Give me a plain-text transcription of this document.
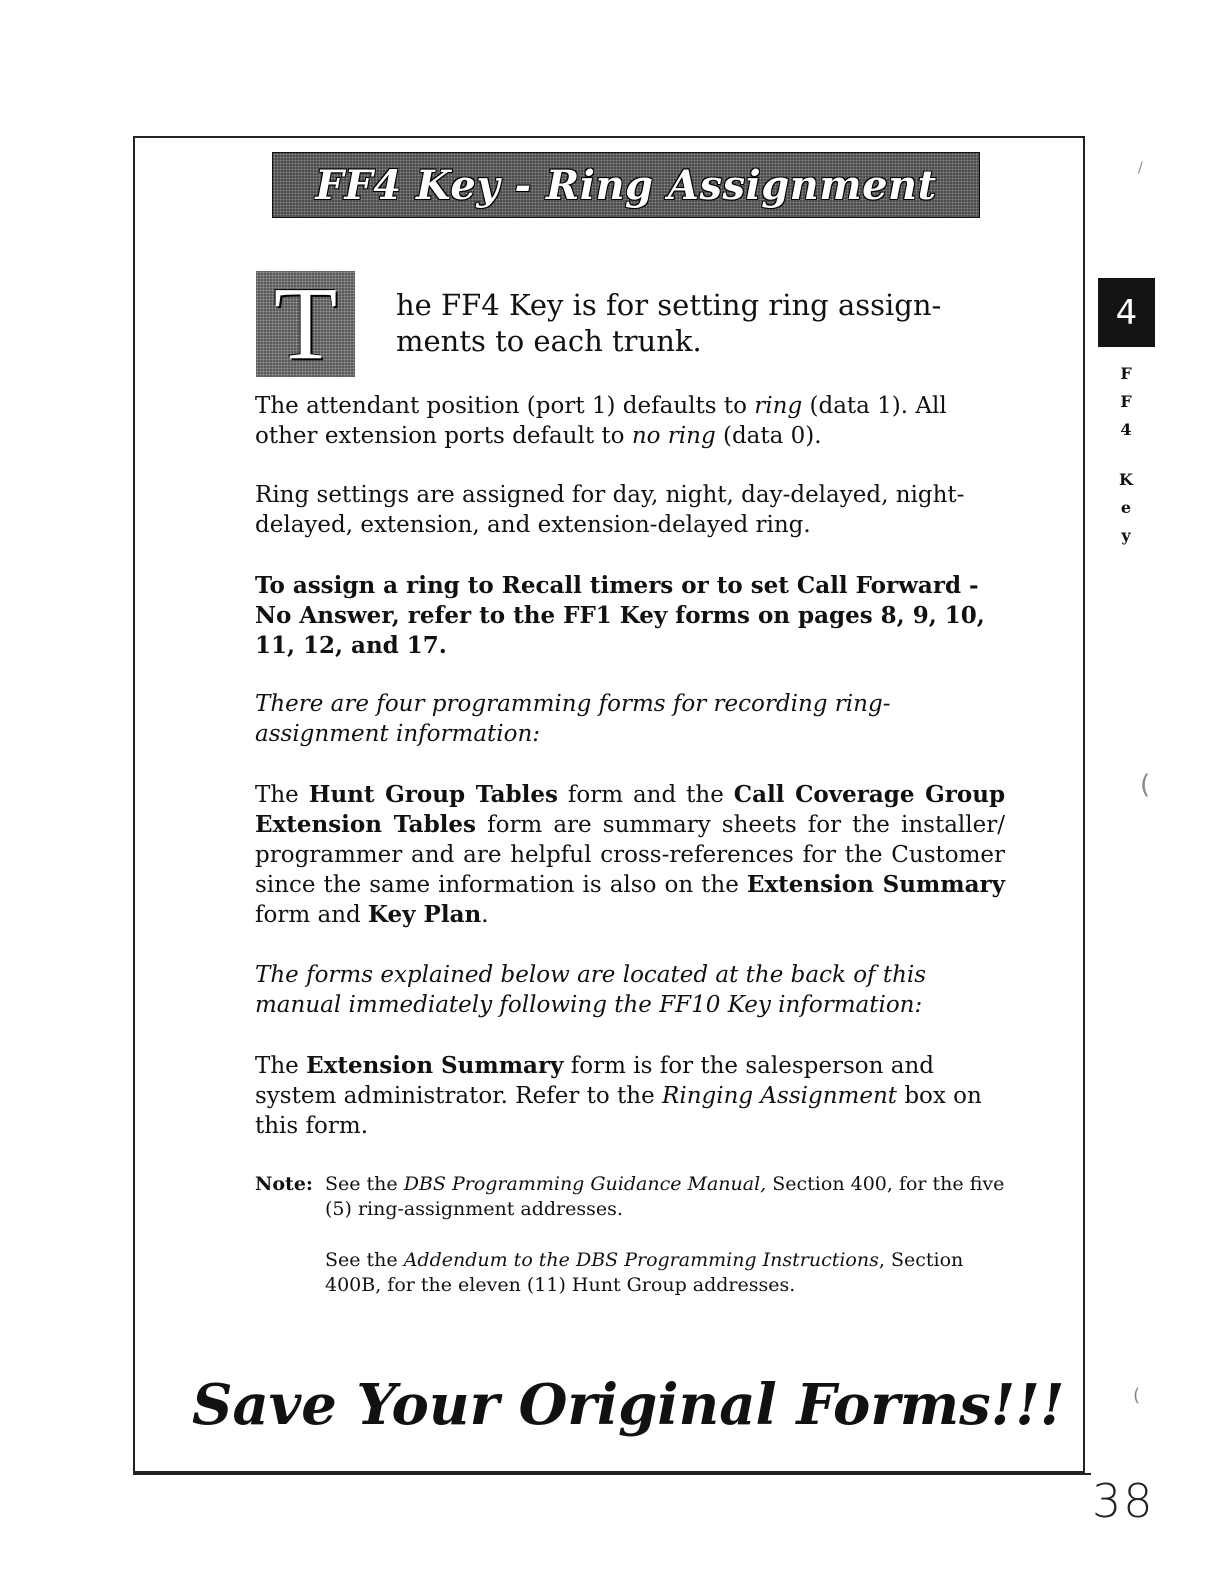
FF4 Key - Ring Assignment
T he FF4 Key is for setting ring assign-ments to each trunk.

The attendant position (port 1) defaults to ring (data 1). All other extension ports default to no ring (data 0).

Ring settings are assigned for day, night, day-delayed, night-delayed, extension, and extension-delayed ring.

To assign a ring to Recall timers or to set Call Forward - No Answer, refer to the FF1 Key forms on pages 8, 9, 10, 11, 12, and 17.

There are four programming forms for recording ring-assignment information:

The Hunt Group Tables form and the Call Coverage Group Extension Tables form are summary sheets for the installer/ programmer and are helpful cross-references for the Customer since the same information is also on the Extension Summary form and Key Plan.

The forms explained below are located at the back of this manual immediately following the FF10 Key information:

The Extension Summary form is for the salesperson and system administrator. Refer to the Ringing Assignment box on this form.

Note: See the DBS Programming Guidance Manual, Section 400, for the five (5) ring-assignment addresses.
See the Addendum to the DBS Programming Instructions, Section 400B, for the eleven (11) Hunt Group addresses.
Save Your Original Forms!!!
4
F
F
4
K
e
y
38
/
(
(
